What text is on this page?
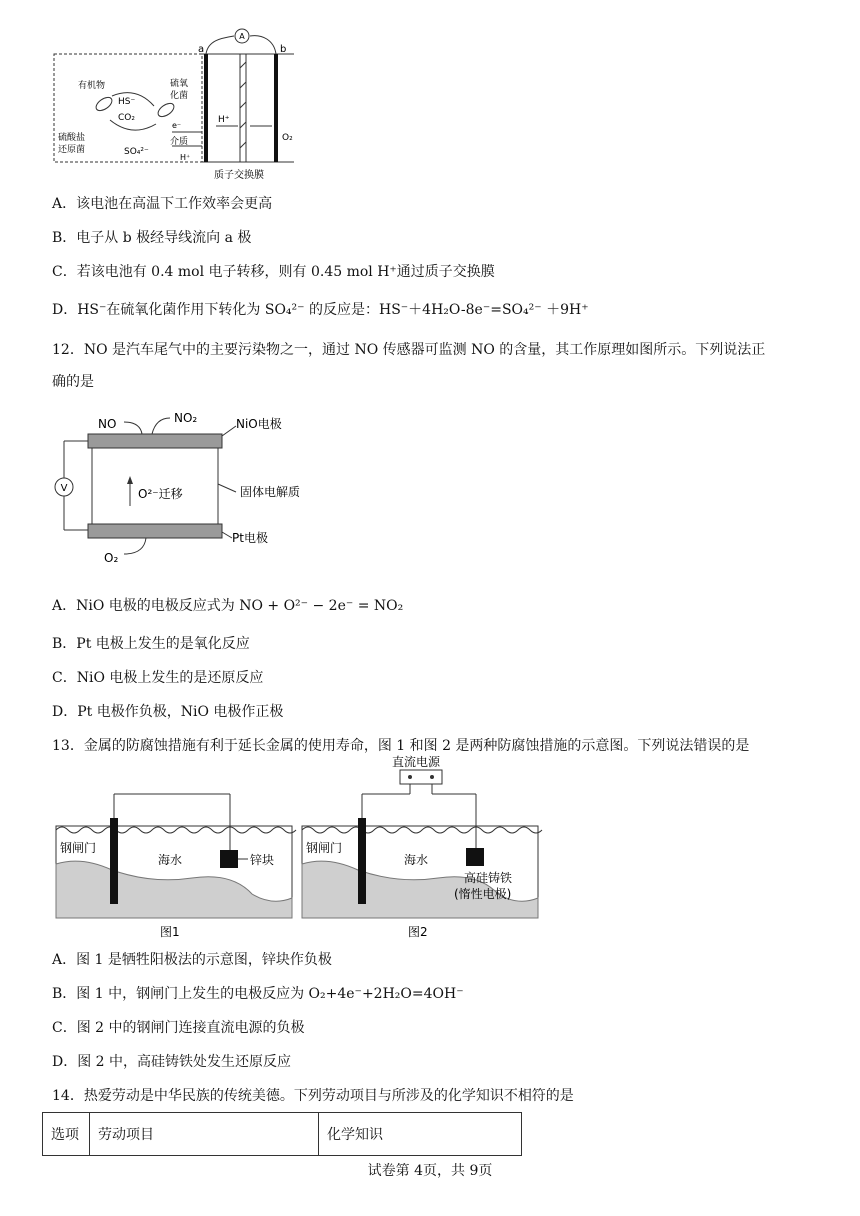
A
a	b
有机物
HS⁻
CO₂
硫酸盐
还原菌
硫氧
化菌
SO₄²⁻
e⁻
介质
H⁺
H⁺
O₂
质子交换膜
A．该电池在高温下工作效率会更高
B．电子从 b 极经导线流向 a 极
C．若该电池有 0.4 mol 电子转移，则有 0.45 mol H⁺通过质子交换膜
D．HS⁻在硫氧化菌作用下转化为 SO₄²⁻ 的反应是：HS⁻＋4H₂O-8e⁻=SO₄²⁻ ＋9H⁺
12．NO 是汽车尾气中的主要污染物之一，通过 NO 传感器可监测 NO 的含量，其工作原理如图所示。下列说法正
确的是
V	O²⁻迁移
NO	NO₂	NiO电极
固体电解质
Pt电极
O₂
A．NiO 电极的电极反应式为 NO + O²⁻ − 2e⁻ = NO₂
B．Pt 电极上发生的是氧化反应
C．NiO 电极上发生的是还原反应
D．Pt 电极作负极，NiO 电极作正极
13．金属的防腐蚀措施有利于延长金属的使用寿命，图 1 和图 2 是两种防腐蚀措施的示意图。下列说法错误的是
钢闸门
海水	锌块
图1
直流电源
钢闸门
海水
高硅铸铁
(惰性电极)
图2
A．图 1 是牺牲阳极法的示意图，锌块作负极
B．图 1 中，钢闸门上发生的电极反应为 O₂+4e⁻+2H₂O=4OH⁻
C．图 2 中的钢闸门连接直流电源的负极
D．图 2 中，高硅铸铁处发生还原反应
14．热爱劳动是中华民族的传统美德。下列劳动项目与所涉及的化学知识不相符的是
选项	劳动项目	化学知识
试卷第 4页，共 9页
